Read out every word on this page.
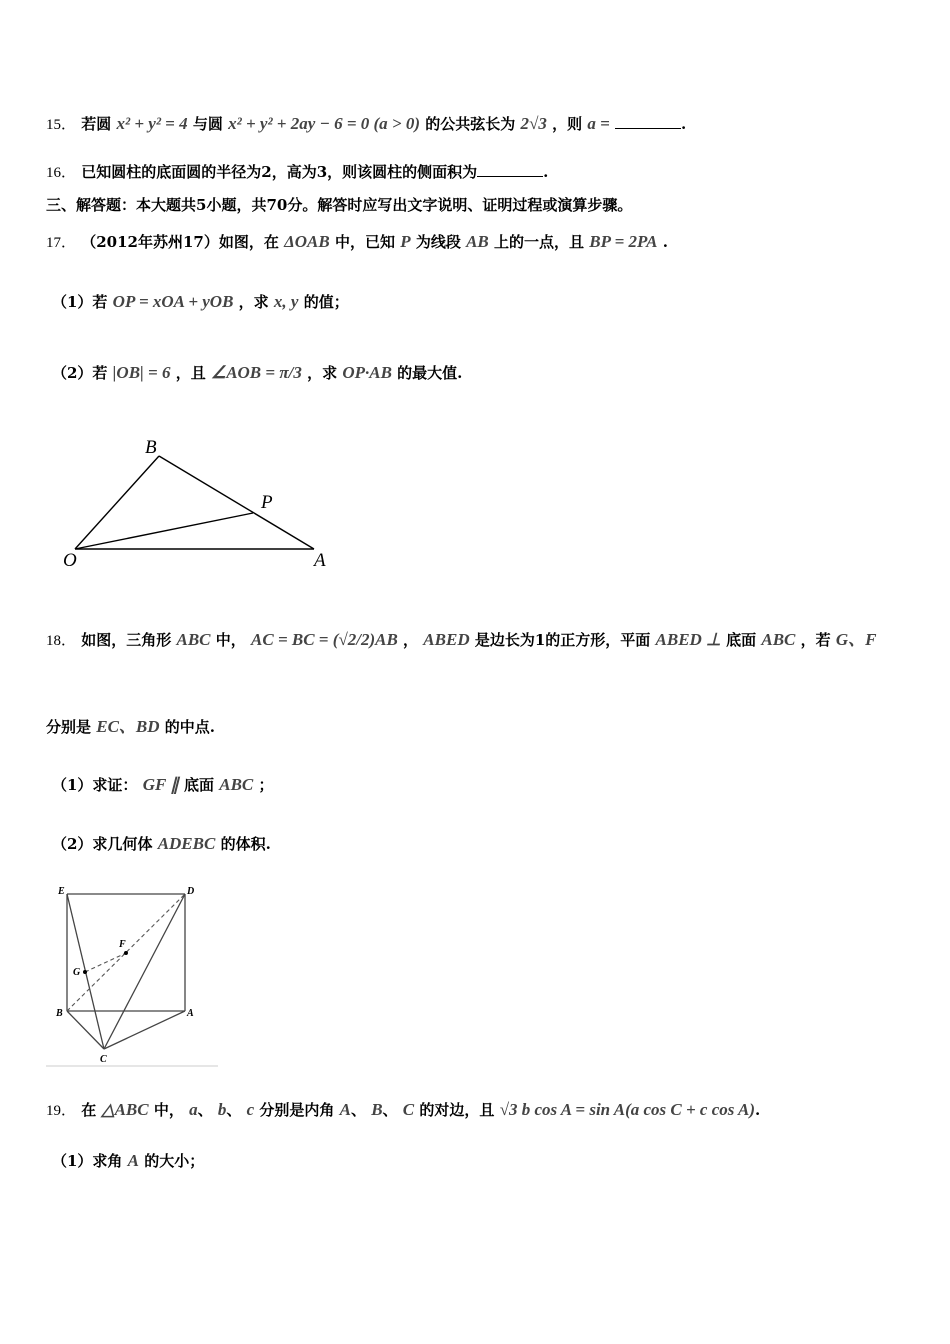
15． 若圆 x² + y² = 4 与圆 x² + y² + 2ay − 6 = 0 (a > 0) 的公共弦长为 2√3 ，则 a =	.
16． 已知圆柱的底面圆的半径为2，高为3，则该圆柱的侧面积为	.
三、解答题：本大题共5小题，共70分。解答时应写出文字说明、证明过程或演算步骤。
17． （2012年苏州17）如图，在 ΔOAB 中，已知 P 为线段 AB 上的一点，且 BP = 2PA .
（1）若 OP = xOA + yOB ，求 x, y 的值；
（2）若 |OB| = 6 ，且 ∠AOB = π/3 ，求 OP·AB 的最大值.
B
P
O	A
18． 如图，三角形 ABC 中， AC = BC = (√2/2)AB ， ABED 是边长为1的正方形，平面 ABED ⊥ 底面 ABC ，若 G、F
分别是 EC、BD 的中点.
（1）求证： GF ∥ 底面 ABC ；
（2）求几何体 ADEBC 的体积.
E	D
F
G
B	A
C
19． 在 △ABC 中， a、 b、 c 分别是内角 A、 B、 C 的对边，且 √3 b cos A = sin A(a cos C + c cos A).
（1）求角 A 的大小；
